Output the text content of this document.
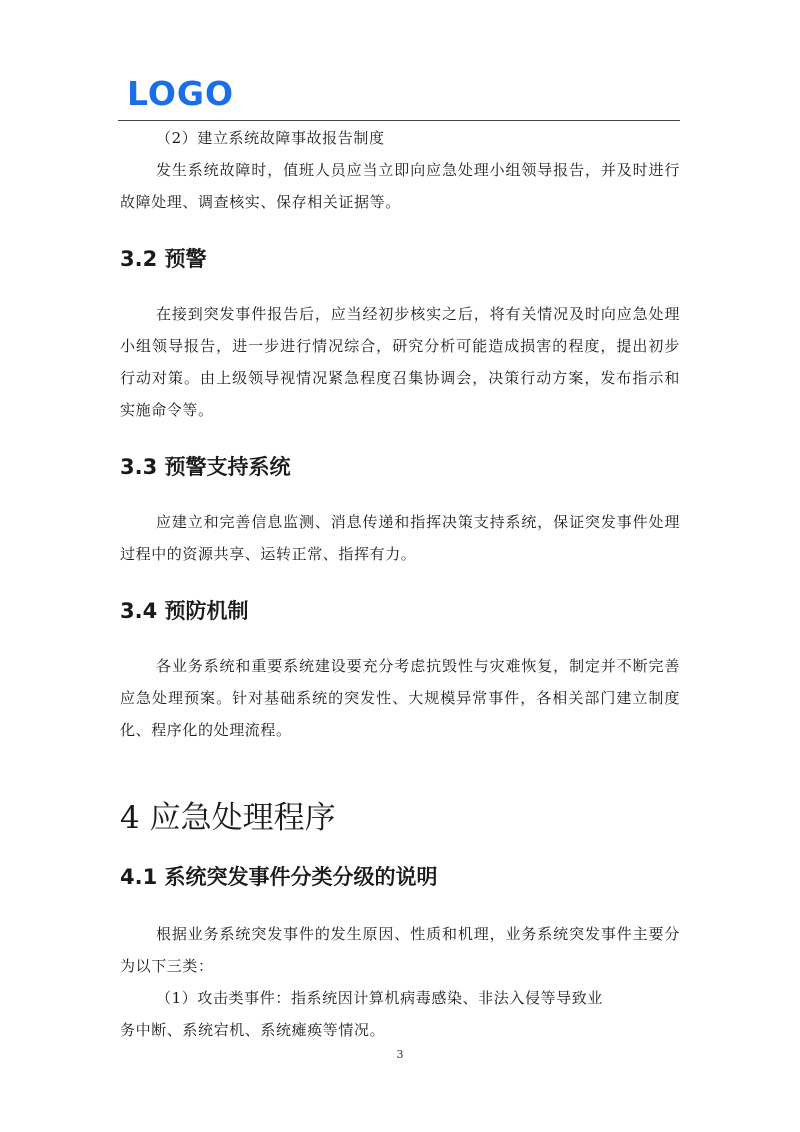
LOGO

（2）建立系统故障事故报告制度

发生系统故障时，值班人员应当立即向应急处理小组领导报告，并及时进行故障处理、调查核实、保存相关证据等。

3.2 预警

在接到突发事件报告后，应当经初步核实之后，将有关情况及时向应急处理小组领导报告，进一步进行情况综合，研究分析可能造成损害的程度，提出初步行动对策。由上级领导视情况紧急程度召集协调会，决策行动方案，发布指示和实施命令等。

3.3 预警支持系统

应建立和完善信息监测、消息传递和指挥决策支持系统，保证突发事件处理过程中的资源共享、运转正常、指挥有力。

3.4 预防机制

各业务系统和重要系统建设要充分考虑抗毁性与灾难恢复，制定并不断完善应急处理预案。针对基础系统的突发性、大规模异常事件，各相关部门建立制度化、程序化的处理流程。

4 应急处理程序
4.1 系统突发事件分类分级的说明

根据业务系统突发事件的发生原因、性质和机理，业务系统突发事件主要分为以下三类：

（1）攻击类事件：指系统因计算机病毒感染、非法入侵等导致业

务中断、系统宕机、系统瘫痪等情况。

3
